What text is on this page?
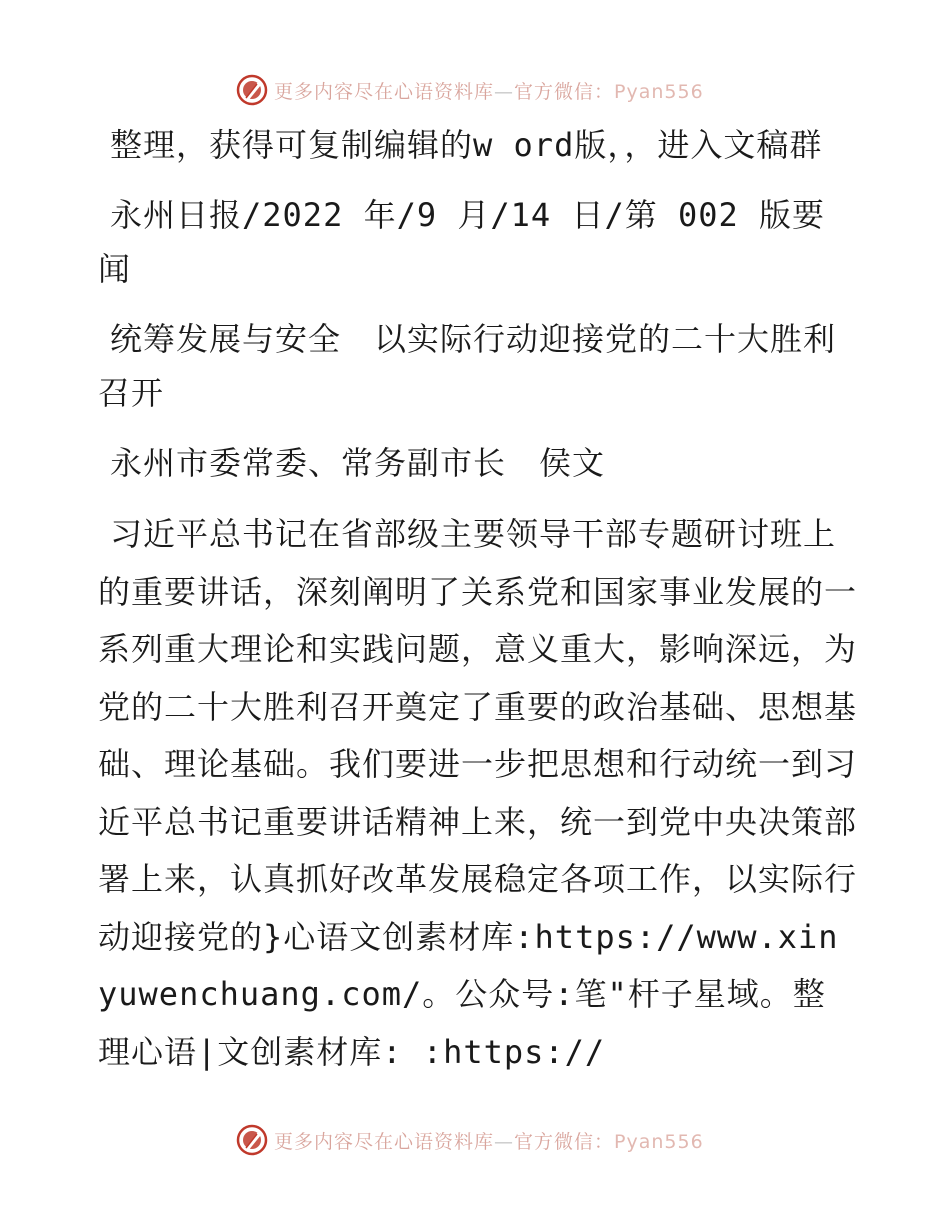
更多内容尽在心语资料库—官方微信：Pyan556

整理，获得可复制编辑的w ord版，，进入文稿群

永州日报/2022 年/9 月/14 日/第 002 版要闻

统筹发展与安全　以实际行动迎接党的二十大胜利召开

永州市委常委、常务副市长　侯文

习近平总书记在省部级主要领导干部专题研讨班上的重要讲话，深刻阐明了关系党和国家事业发展的一系列重大理论和实践问题，意义重大，影响深远，为党的二十大胜利召开奠定了重要的政治基础、思想基础、理论基础。我们要进一步把思想和行动统一到习近平总书记重要讲话精神上来，统一到党中央决策部署上来，认真抓好改革发展稳定各项工作，以实际行动迎接党的}心语文创素材库:https://www.xinyuwenchuang.com/。公众号:笔"杆子星域。整理心语|文创素材库: :https://

更多内容尽在心语资料库—官方微信：Pyan556
